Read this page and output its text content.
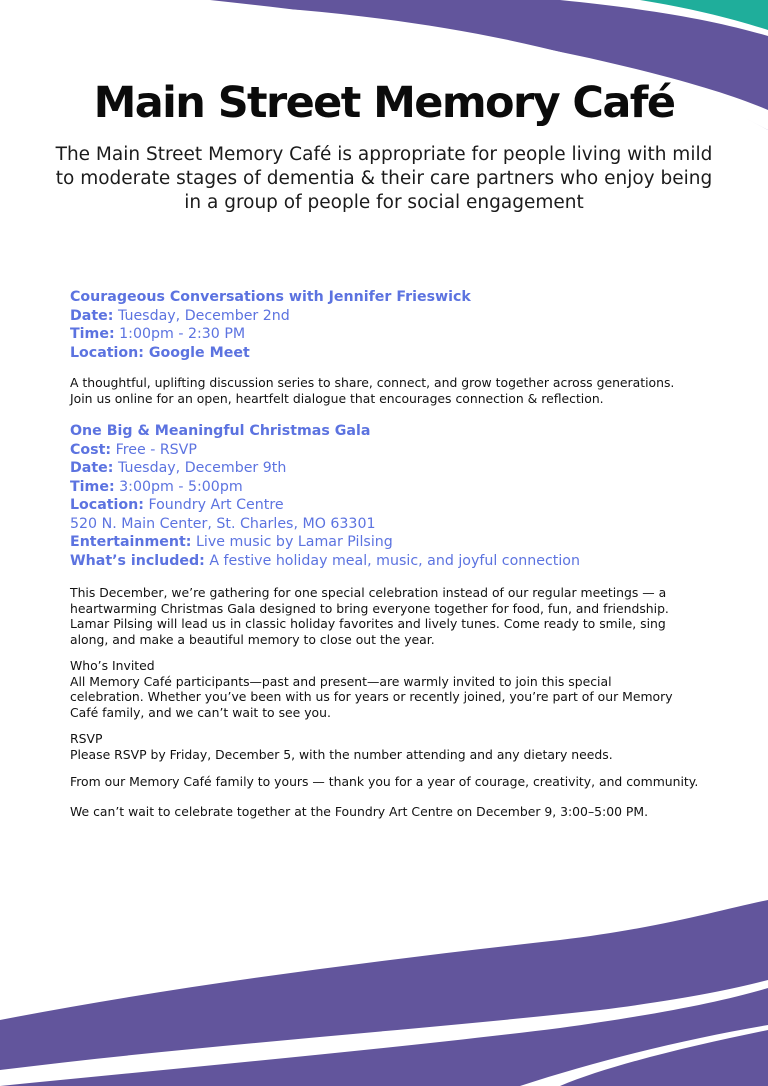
Main Street Memory Café
The Main Street Memory Café is appropriate for people living with mild to moderate stages of dementia & their care partners who enjoy being in a group of people for social engagement
Courageous Conversations with Jennifer Frieswick
Date: Tuesday, December 2nd
Time: 1:00pm - 2:30 PM
Location: Google Meet

A thoughtful, uplifting discussion series to share, connect, and grow together across generations. Join us online for an open, heartfelt dialogue that encourages connection & reflection.

One Big & Meaningful Christmas Gala
Cost: Free - RSVP
Date: Tuesday, December 9th
Time: 3:00pm - 5:00pm
Location: Foundry Art Centre
520 N. Main Center, St. Charles, MO 63301
Entertainment: Live music by Lamar Pilsing
What’s included: A festive holiday meal, music, and joyful connection

This December, we’re gathering for one special celebration instead of our regular meetings — a heartwarming Christmas Gala designed to bring everyone together for food, fun, and friendship. Lamar Pilsing will lead us in classic holiday favorites and lively tunes. Come ready to smile, sing along, and make a beautiful memory to close out the year.

Who’s Invited

All Memory Café participants—past and present—are warmly invited to join this special celebration. Whether you’ve been with us for years or recently joined, you’re part of our Memory Café family, and we can’t wait to see you.

RSVP

Please RSVP by Friday, December 5, with the number attending and any dietary needs.

From our Memory Café family to yours — thank you for a year of courage, creativity, and community.

We can’t wait to celebrate together at the Foundry Art Centre on December 9, 3:00–5:00 PM.
